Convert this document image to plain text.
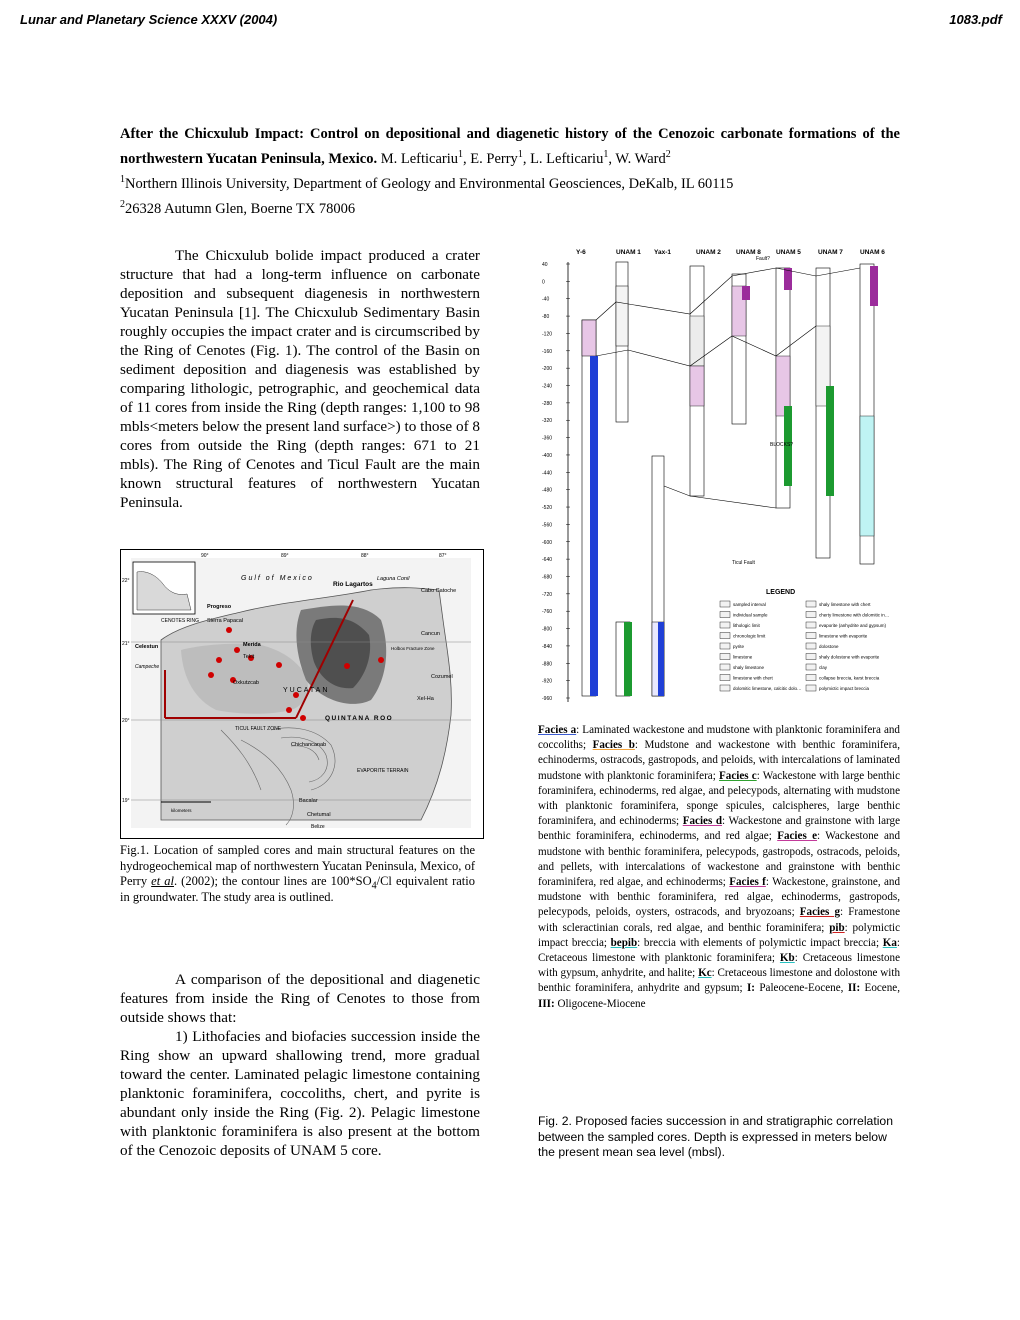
Lunar and Planetary Science XXXV (2004)	1083.pdf
After the Chicxulub Impact: Control on depositional and diagenetic history of the Cenozoic carbonate formations of the northwestern Yucatan Peninsula, Mexico. M. Lefticariu$^1$, E. Perry$^1$, L. Lefticariu$^1$, W. Ward$^2$
$^1$Northern Illinois University, Department of Geology and Environmental Geosciences, DeKalb, IL 60115
$^2$26328 Autumn Glen, Boerne TX 78006

The Chicxulub bolide impact produced a crater structure that had a long-term influence on carbonate deposition and subsequent diagenesis in northwestern Yucatan Peninsula [1]. The Chicxulub Sedimentary Basin roughly occupies the impact crater and is circumscribed by the Ring of Cenotes (Fig. 1). The control of the Basin on sediment deposition and diagenesis was established by comparing lithologic, petrographic, and geochemical data of 11 cores from inside the Ring (depth ranges: 1,100 to 98 mbls<meters below the present land surface>) to those of 8 cores from outside the Ring (depth ranges: 671 to 21 mbls). The Ring of Cenotes and Ticul Fault are the main known structural features of northwestern Yucatan Peninsula.

90°	89°	88°	87°
22°
21°
20°
19°
Gulf of Mexico
Rio Lagartos
Laguna Conil
Cabo Catoche
Progreso
Cancun
Celestun	Merida
Tekit
Oxkutzcab
YUCATAN
QUINTANA ROO
TICUL FAULT ZONE
CENOTES RING
Cozumel
Chetumal
Belize
Campeche
Sierra Papacal
Holbox Fracture Zone
EVAPORITE TERRAIN
Xel-Ha
Chichancanab
Bacalar
kilometers
Fig.1. Location of sampled cores and main structural features on the hydrogeochemical map of northwestern Yucatan Peninsula, Mexico, of Perry et al. (2002); the contour lines are $100*SO_4/Cl$ equivalent ratio in groundwater. The study area is outlined.

A comparison of the depositional and diagenetic features from inside the Ring of Cenotes to those from outside shows that:

1) Lithofacies and biofacies succession inside the Ring show an upward shallowing trend, more gradual toward the center. Laminated pelagic limestone containing planktonic foraminifera, coccoliths, chert, and pyrite is abundant only inside the Ring (Fig. 2). Pelagic limestone with planktonic foraminifera is also present at the bottom of the Cenozoic deposits of UNAM 5 core.

Y-6	UNAM 1 Yax-1	UNAM 2 UNAM 8 UNAM 5	UNAM 7	UNAM 6
40
0
-40
-80
-120
-160
-200
-240
-280
-320
-360
-400
-440
-480
-520
-560
-600
-640
-680
-720
-760
-800
-840
-880
-920
-960
Fault?
Ticul Fault
BLOCKS?
LEGEND
sampled interval
individual sample
lithologic limit
chronologic limit
pyrite
limestone
shaly limestone
limestone with chert
dolomitic limestone, calcitic dolo…
shaly limestone with chert
cherty limestone with dolomitic in…
evaporite (anhydrite and gypsum)
limestone with evaporite
dolostone
shaly dolostone with evaporite
clay
collapse breccia, karst breccia
polymictic impact breccia
Facies a: Laminated wackestone and mudstone with planktonic foraminifera and coccoliths; Facies b: Mudstone and wackestone with benthic foraminifera, echinoderms, ostracods, gastropods, and peloids, with intercalations of laminated mudstone with planktonic foraminifera; Facies c: Wackestone with large benthic foraminifera, echinoderms, red algae, and pelecypods, alternating with mudstone with planktonic foraminifera, sponge spicules, calcispheres, large benthic foraminifera, and echinoderms; Facies d: Wackestone and grainstone with large benthic foraminifera, echinoderms, and red algae; Facies e: Wackestone and mudstone with benthic foraminifera, pelecypods, gastropods, ostracods, peloids, and pellets, with intercalations of wackestone and grainstone with benthic foraminifera, red algae, and echinoderms; Facies f: Wackestone, grainstone, and mudstone with benthic foraminifera, red algae, echinoderms, gastropods, pelecypods, peloids, oysters, ostracods, and bryozoans; Facies g: Framestone with scleractinian corals, red algae, and benthic foraminifera; pib: polymictic impact breccia; bepib: breccia with elements of polymictic impact breccia; Ka: Cretaceous limestone with planktonic foraminifera; Kb: Cretaceous limestone with gypsum, anhydrite, and halite; Kc: Cretaceous limestone and dolostone with benthic foraminifera, anhydrite and gypsum; I: Paleocene-Eocene, II: Eocene, III: Oligocene-Miocene
Fig. 2. Proposed facies succession in and stratigraphic correlation between the sampled cores. Depth is expressed in meters below the present mean sea level (mbsl).
